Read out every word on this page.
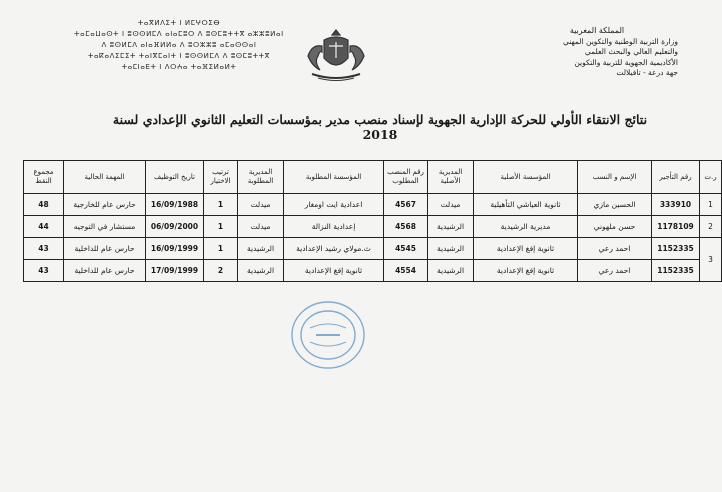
المملكة المغربية
وزارة التربية الوطنية والتكوين المهني
والتعليم العالي والبحث العلمي
الأكاديمية الجهوية للتربية والتكوين
جهة درعة - تافيلالت
ⵜⴰⴳⵍⴷⵉⵜ ⵏ ⵍⵎⵖⵔⵉⴱ
ⵜⴰⵎⴰⵡⴰⵙⵜ ⵏ ⵓⵙⵙⵍⵎⴷ ⴰⵏⴰⵎⵓⵔ ⴷ ⵓⵙⵎⵓⵜⵜⴳ ⴰⵣⵣⵓⵍⴰⵏ
ⴷ ⵓⵙⵍⵎⴷ ⴰⵏⴰⴼⵍⵍⴰ ⴷ ⵓⵔⵣⵣⵓ ⴰⵎⴰⵙⵙⴰⵏ
ⵜⴰⴽⴰⴷⵉⵎⵉⵜ ⵜⴰⵏⴳⵎⴰⵏⵜ ⵏ ⵓⵙⵙⵍⵎⴷ ⴷ ⵓⵙⵎⵓⵜⵜⴳ
ⵜⴰⵎⵏⴰⴹⵜ ⵏ ⴷⵔⵄⴰ ⵜⴰⴼⵉⵍⴰⵍⵜ
نتائج الانتقاء الأولي للحركة الإدارية الجهوية لإسناد منصب مدير بمؤسسات التعليم الثانوي الإعدادي لسنة 2018
ر.ت	رقم التأجير	الإسم و النسب	المؤسسة الأصلية	المديرية الأصلية	رقم المنصب المطلوب	المؤسسة المطلوبة	المديرية المطلوبة	ترتيب الاختيار	تاريخ التوظيف	المهمة الحالية	مجموع النقط
1	333910	الحسين مازي	ثانوية العياشي التأهيلية	ميدلت	4567	اعدادية ايت اومغار	ميدلت	1	16/09/1988	حارس عام للخارجية	48
2	1178109	حسن ملهوني	مديرية الرشيدية	الرشيدية	4568	إعدادية النزالة	ميدلت	1	06/09/2000	مستشار في التوجيه	44
3	1152335	احمد رعي	ثانوية إفغ الإعدادية	الرشيدية	4545	ث.مولاي رشيد الإعدادية	الرشيدية	1	16/09/1999	حارس عام للداخلية	43
	1152335	احمد رعي	ثانوية إفغ الإعدادية	الرشيدية	4554	ثانوية إفغ الإعدادية	الرشيدية	2	17/09/1999	حارس عام للداخلية	43
